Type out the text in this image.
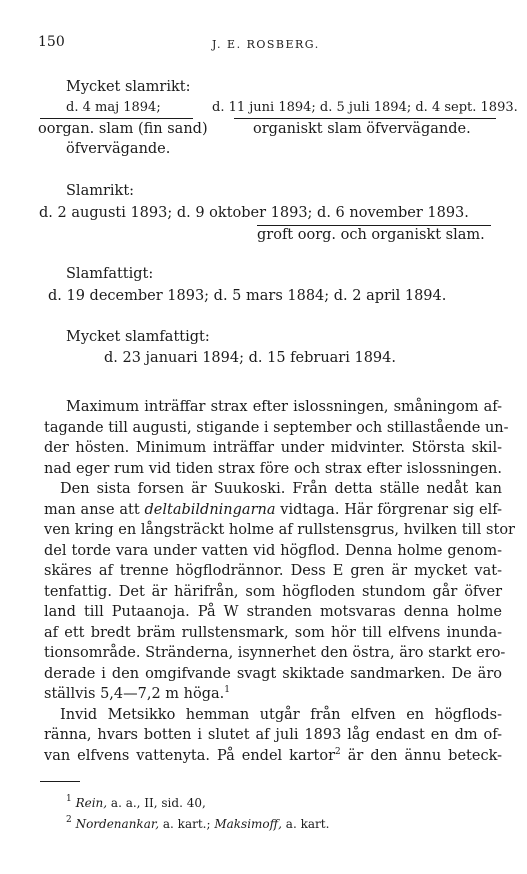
150	J. E. ROSBERG.
Mycket slamrikt:
d. 4 maj 1894;	d. 11 juni 1894; d. 5 juli 1894; d. 4 sept. 1893.
oorgan. slam (fin sand)	organiskt slam öfvervägande.
öfvervägande.
Slamrikt:
d. 2 augusti 1893; d. 9 oktober 1893; d. 6 november 1893.
groft oorg. och organiskt slam.
Slamfattigt:
d. 19 december 1893; d. 5 mars 1884; d. 2 april 1894.
Mycket slamfattigt:
d. 23 januari 1894; d. 15 februari 1894.
Maximum inträffar strax efter islossningen, småningom af-
tagande till augusti, stigande i september och stillastående un-
der hösten. Minimum inträffar under midvinter. Största skil-
nad eger rum vid tiden strax före och strax efter islossningen.
Den sista forsen är Suukoski. Från detta ställe nedåt kan
man anse att deltabildningarna vidtaga. Här förgrenar sig elf-
ven kring en långsträckt holme af rullstensgrus, hvilken till stor
del torde vara under vatten vid högflod. Denna holme genom-
skäres af trenne högflodrännor. Dess E gren är mycket vat-
tenfattig. Det är härifrån, som högfloden stundom går öfver
land till Putaanoja. På W stranden motsvaras denna holme
af ett bredt bräm rullstensmark, som hör till elfvens inunda-
tionsområde. Stränderna, isynnerhet den östra, äro starkt ero-
derade i den omgifvande svagt skiktade sandmarken. De äro
ställvis 5,4—7,2 m höga.$^1$
Invid Metsikko hemman utgår från elfven en högflods-
ränna, hvars botten i slutet af juli 1893 låg endast en dm of-
van elfvens vattenyta. På endel kartor$^2$ är den ännu beteck-
$^1$ Rein, a. a., II, sid. 40,
$^2$ Nordenankar, a. kart.; Maksimoff, a. kart.
